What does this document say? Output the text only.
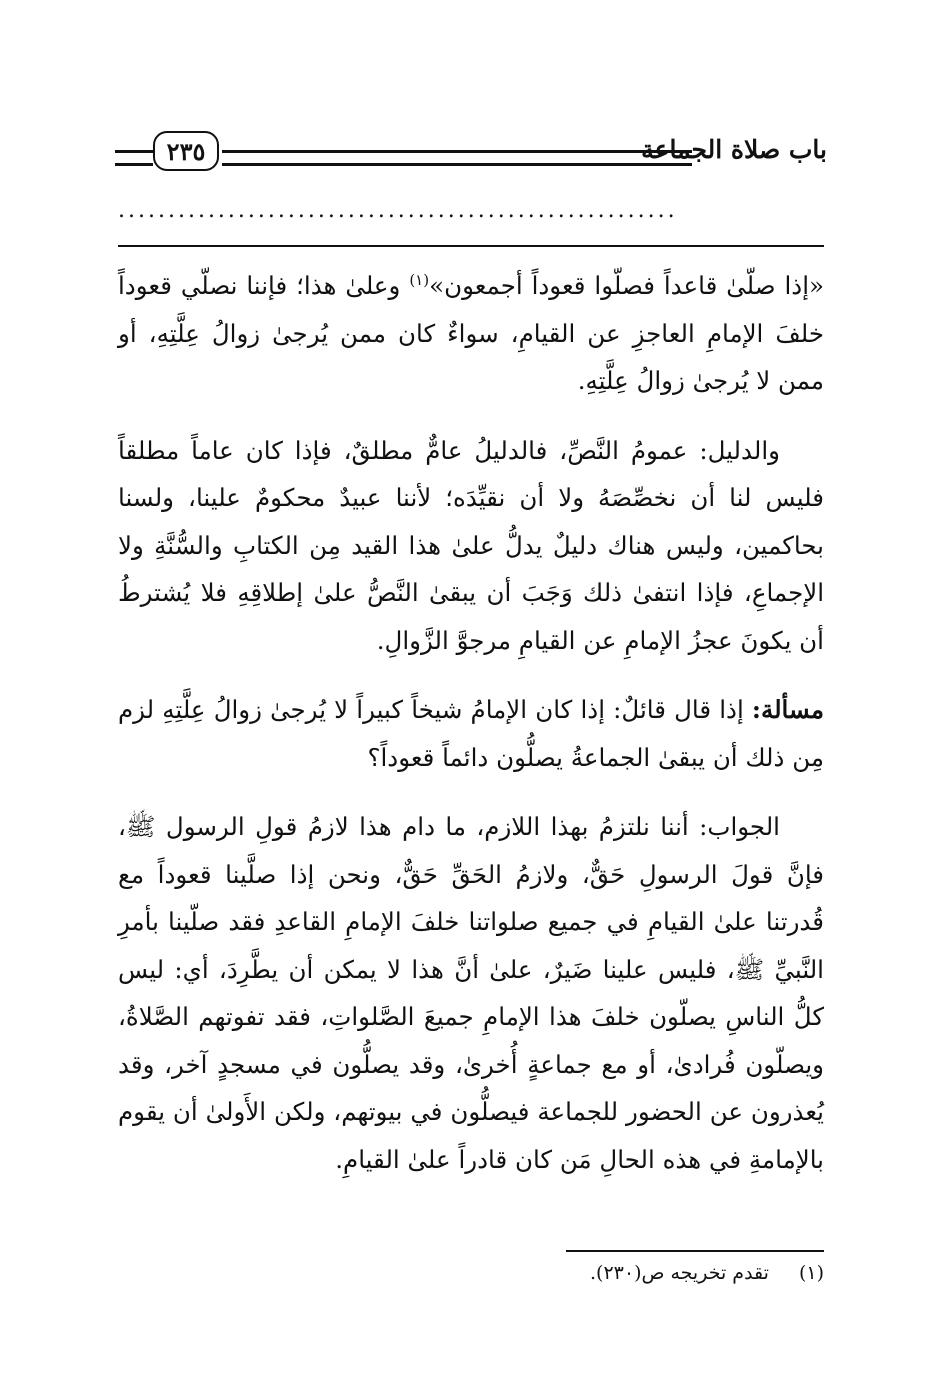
باب صلاة الجماعة
٢٣٥
........................................................

«إذا صلّىٰ قاعداً فصلّوا قعوداً أجمعون»$^{(١)}$ وعلىٰ هذا؛ فإننا نصلّي قعوداً خلفَ الإمامِ العاجزِ عن القيامِ، سواءٌ كان ممن يُرجىٰ زوالُ عِلَّتِهِ، أو ممن لا يُرجىٰ زوالُ عِلَّتِهِ.

والدليل: عمومُ النَّصِّ، فالدليلُ عامٌّ مطلقٌ، فإذا كان عاماً مطلقاً فليس لنا أن نخصِّصَهُ ولا أن نقيِّدَه؛ لأننا عبيدٌ محكومٌ علينا، ولسنا بحاكمين، وليس هناك دليلٌ يدلُّ علىٰ هذا القيد مِن الكتابِ والسُّنَّةِ ولا الإجماعِ، فإذا انتفىٰ ذلك وَجَبَ أن يبقىٰ النَّصُّ علىٰ إطلاقِهِ فلا يُشترطُ أن يكونَ عجزُ الإمامِ عن القيامِ مرجوَّ الزَّوالِ.

مسألة: إذا قال قائلٌ: إذا كان الإمامُ شيخاً كبيراً لا يُرجىٰ زوالُ عِلَّتِهِ لزم مِن ذلك أن يبقىٰ الجماعةُ يصلُّون دائماً قعوداً؟

الجواب: أننا نلتزمُ بهذا اللازم، ما دام هذا لازمُ قولِ الرسول ﷺ، فإنَّ قولَ الرسولِ حَقٌّ، ولازمُ الحَقِّ حَقٌّ، ونحن إذا صلَّينا قعوداً مع قُدرتنا علىٰ القيامِ في جميع صلواتنا خلفَ الإمامِ القاعدِ فقد صلّينا بأمرِ النَّبيِّ ﷺ، فليس علينا ضَيرٌ، علىٰ أنَّ هذا لا يمكن أن يطَّرِدَ، أي: ليس كلُّ الناسِ يصلّون خلفَ هذا الإمامِ جميعَ الصَّلواتِ، فقد تفوتهم الصَّلاةُ، ويصلّون فُرادىٰ، أو مع جماعةٍ أُخرىٰ، وقد يصلُّون في مسجدٍ آخر، وقد يُعذرون عن الحضور للجماعة فيصلُّون في بيوتهم، ولكن الأَولىٰ أن يقوم بالإمامةِ في هذه الحالِ مَن كان قادراً علىٰ القيامِ.

(١)تقدم تخريجه ص(٢٣٠).
